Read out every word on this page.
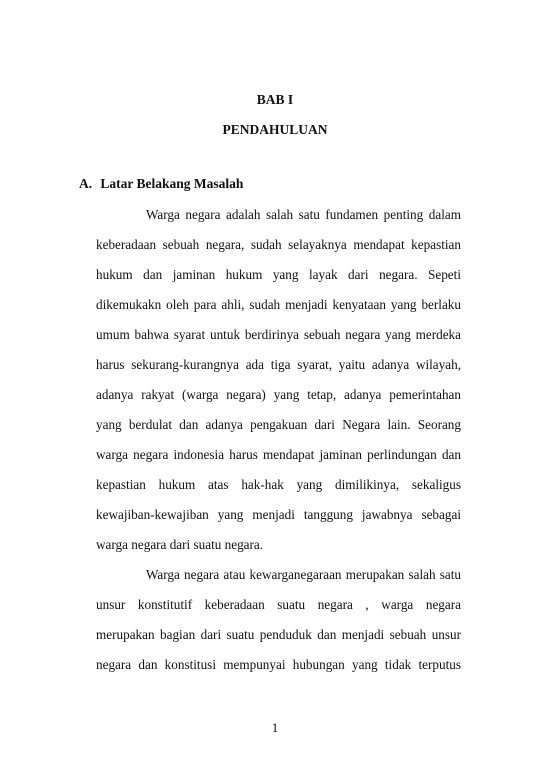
BAB I
PENDAHULUAN
A. Latar Belakang Masalah
Warga negara adalah salah satu fundamen penting dalam
keberadaan sebuah negara, sudah selayaknya mendapat kepastian
hukum dan jaminan hukum yang layak dari negara. Sepeti
dikemukakn oleh para ahli, sudah menjadi kenyataan yang berlaku
umum bahwa syarat untuk berdirinya sebuah negara yang merdeka
harus sekurang-kurangnya ada tiga syarat, yaitu adanya wilayah,
adanya rakyat (warga negara) yang tetap, adanya pemerintahan
yang berdulat dan adanya pengakuan dari Negara lain. Seorang
warga negara indonesia harus mendapat jaminan perlindungan dan
kepastian hukum atas hak-hak yang dimilikinya, sekaligus
kewajiban-kewajiban yang menjadi tanggung jawabnya sebagai
warga negara dari suatu negara.
Warga negara atau kewarganegaraan merupakan salah satu
unsur konstitutif keberadaan suatu negara , warga negara
merupakan bagian dari suatu penduduk dan menjadi sebuah unsur
negara dan konstitusi mempunyai hubungan yang tidak terputus
1
